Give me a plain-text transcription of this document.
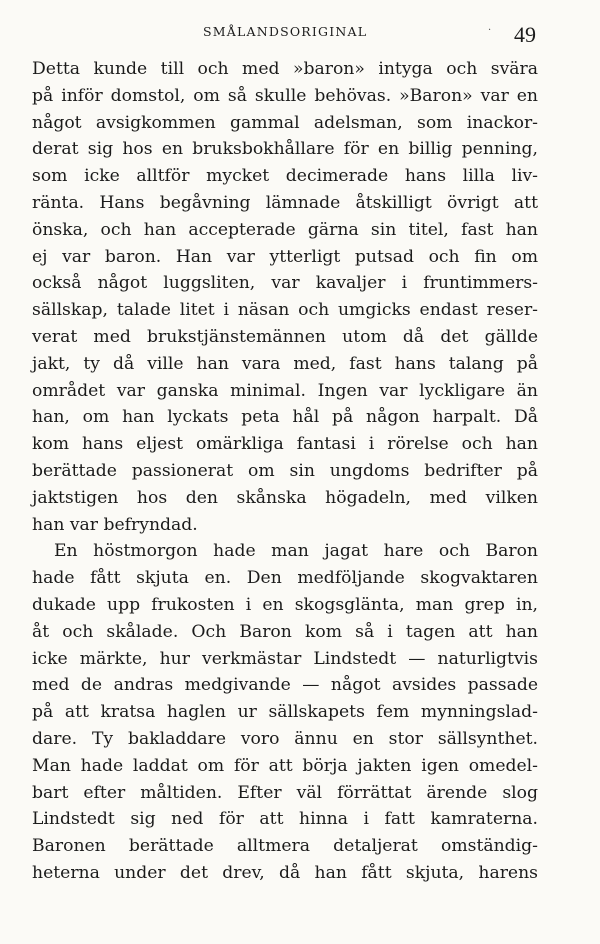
SMÅLANDSORIGINAL	· 49
Detta kunde till och med »baron» intyga och svära
på inför domstol, om så skulle behövas. »Baron» var en
något avsigkommen gammal adelsman, som inackor-
derat sig hos en bruksbokhållare för en billig penning,
som icke alltför mycket decimerade hans lilla liv-
ränta. Hans begåvning lämnade åtskilligt övrigt att
önska, och han accepterade gärna sin titel, fast han
ej var baron. Han var ytterligt putsad och fin om
också något luggsliten, var kavaljer i fruntimmers-
sällskap, talade litet i näsan och umgicks endast reser-
verat med brukstjänstemännen utom då det gällde
jakt, ty då ville han vara med, fast hans talang på
området var ganska minimal. Ingen var lyckligare än
han, om han lyckats peta hål på någon harpalt. Då
kom hans eljest omärkliga fantasi i rörelse och han
berättade passionerat om sin ungdoms bedrifter på
jaktstigen hos den skånska högadeln, med vilken
han var befryndad.
En höstmorgon hade man jagat hare och Baron
hade fått skjuta en. Den medföljande skogvaktaren
dukade upp frukosten i en skogsglänta, man grep in,
åt och skålade. Och Baron kom så i tagen att han
icke märkte, hur verkmästar Lindstedt — naturligtvis
med de andras medgivande — något avsides passade
på att kratsa haglen ur sällskapets fem mynningslad-
dare. Ty bakladdare voro ännu en stor sällsynthet.
Man hade laddat om för att börja jakten igen omedel-
bart efter måltiden. Efter väl förrättat ärende slog
Lindstedt sig ned för att hinna i fatt kamraterna.
Baronen berättade alltmera detaljerat omständig-
heterna under det drev, då han fått skjuta, harens
